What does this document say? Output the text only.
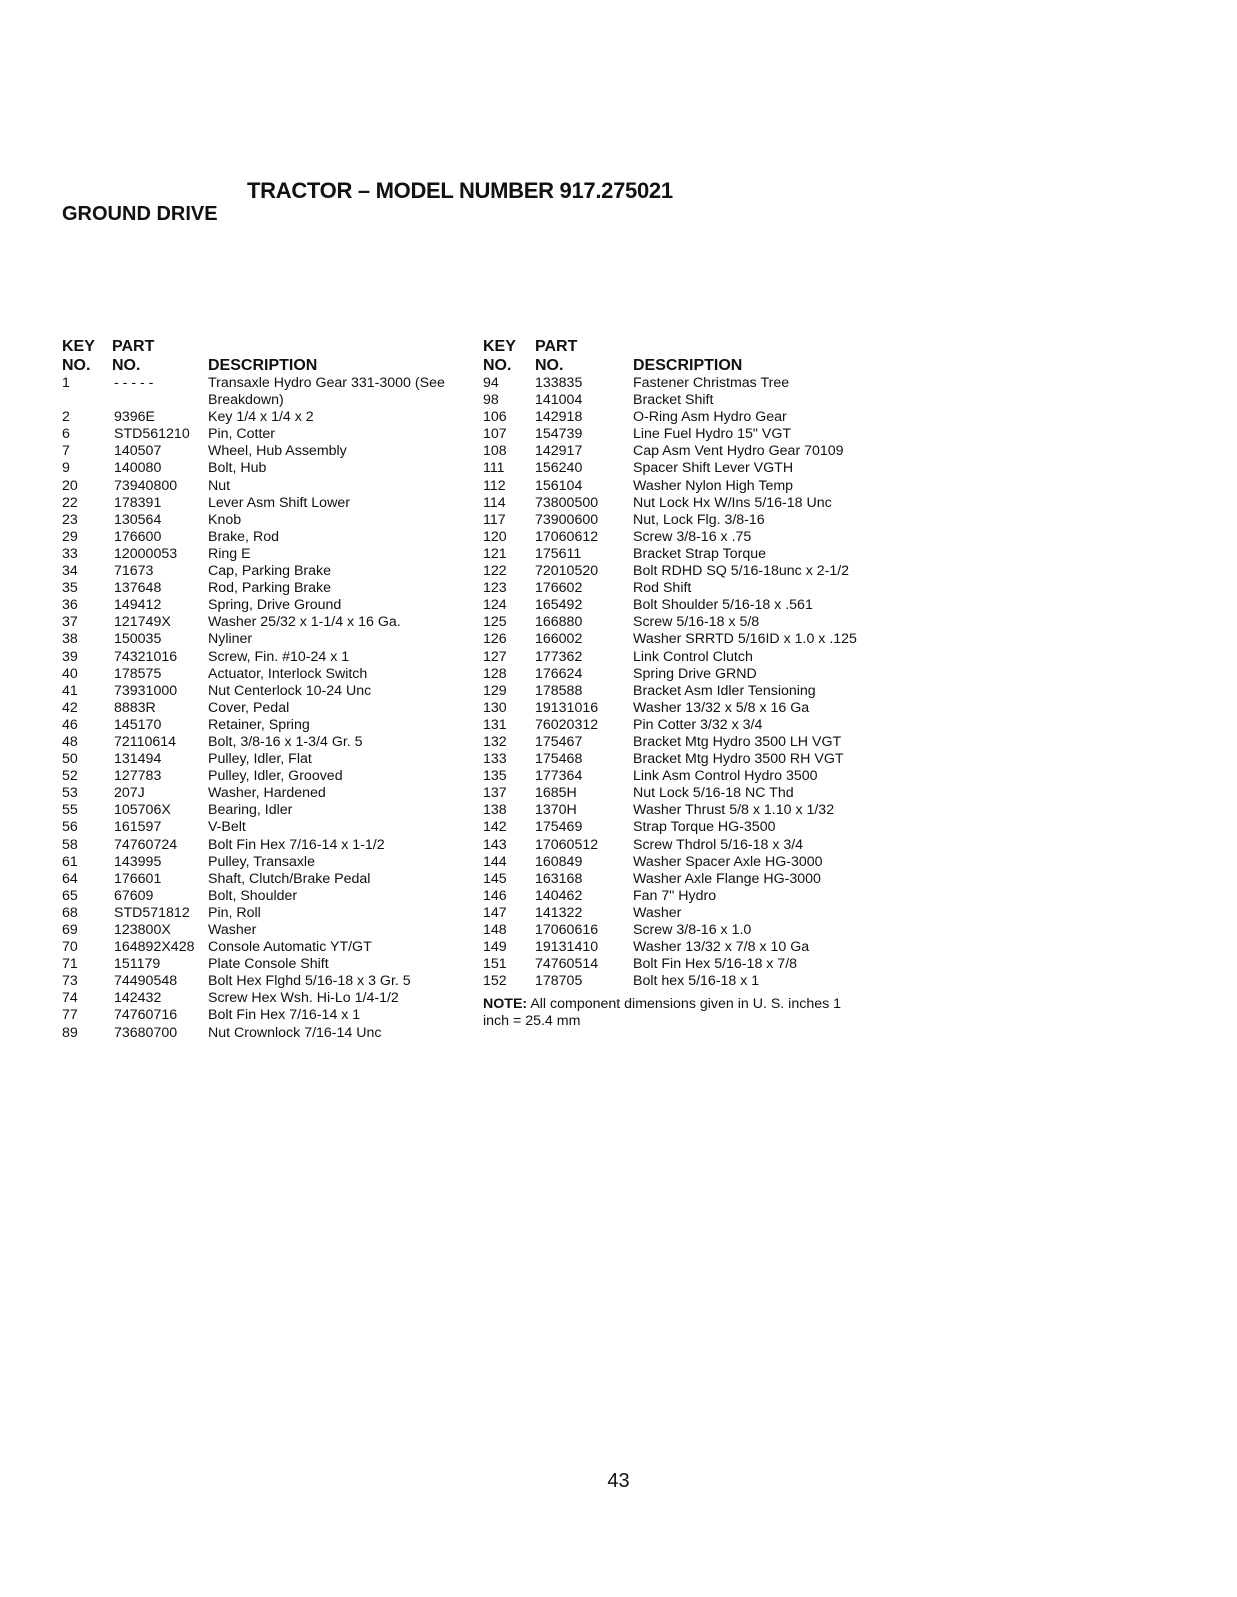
TRACTOR – MODEL NUMBER 917.275021
GROUND DRIVE
KEY
NO.
PART
NO.	DESCRIPTION
1	- - - - -	Transaxle Hydro Gear 331-3000 (See Breakdown)
2	9396E	Key 1/4 x 1/4 x 2
6	STD561210	Pin, Cotter
7	140507	Wheel, Hub Assembly
9	140080	Bolt, Hub
20	73940800	Nut
22	178391	Lever Asm Shift Lower
23	130564	Knob
29	176600	Brake, Rod
33	12000053	Ring E
34	71673	Cap, Parking Brake
35	137648	Rod, Parking Brake
36	149412	Spring, Drive Ground
37	121749X	Washer 25/32 x 1-1/4 x 16 Ga.
38	150035	Nyliner
39	74321016	Screw, Fin. #10-24 x 1
40	178575	Actuator, Interlock Switch
41	73931000	Nut Centerlock 10-24 Unc
42	8883R	Cover, Pedal
46	145170	Retainer, Spring
48	72110614	Bolt, 3/8-16 x 1-3/4 Gr. 5
50	131494	Pulley, Idler, Flat
52	127783	Pulley, Idler, Grooved
53	207J	Washer, Hardened
55	105706X	Bearing, Idler
56	161597	V-Belt
58	74760724	Bolt Fin Hex 7/16-14 x 1-1/2
61	143995	Pulley, Transaxle
64	176601	Shaft, Clutch/Brake Pedal
65	67609	Bolt, Shoulder
68	STD571812	Pin, Roll
69	123800X	Washer
70	164892X428 Console Automatic YT/GT
71	151179	Plate Console Shift
73	74490548	Bolt Hex Flghd 5/16-18 x 3 Gr. 5
74	142432	Screw Hex Wsh. Hi-Lo 1/4-1/2
77	74760716	Bolt Fin Hex 7/16-14 x 1
89	73680700	Nut Crownlock 7/16-14 Unc
KEY
NO.
PART
NO.	DESCRIPTION
94	133835	Fastener Christmas Tree
98	141004	Bracket Shift
106	142918	O-Ring Asm Hydro Gear
107	154739	Line Fuel Hydro 15" VGT
108	142917	Cap Asm Vent Hydro Gear 70109
111	156240	Spacer Shift Lever VGTH
112	156104	Washer Nylon High Temp
114	73800500	Nut Lock Hx W/Ins 5/16-18 Unc
117	73900600	Nut, Lock Flg. 3/8-16
120	17060612	Screw 3/8-16 x .75
121	175611	Bracket Strap Torque
122	72010520	Bolt RDHD SQ 5/16-18unc x 2-1/2
123	176602	Rod Shift
124	165492	Bolt Shoulder 5/16-18 x .561
125	166880	Screw 5/16-18 x 5/8
126	166002	Washer SRRTD 5/16ID x 1.0 x .125
127	177362	Link Control Clutch
128	176624	Spring Drive GRND
129	178588	Bracket Asm Idler Tensioning
130	19131016	Washer 13/32 x 5/8 x 16 Ga
131	76020312	Pin Cotter 3/32 x 3/4
132	175467	Bracket Mtg Hydro 3500 LH VGT
133	175468	Bracket Mtg Hydro 3500 RH VGT
135	177364	Link Asm Control Hydro 3500
137	1685H	Nut Lock 5/16-18 NC Thd
138	1370H	Washer Thrust 5/8 x 1.10 x 1/32
142	175469	Strap Torque HG-3500
143	17060512	Screw Thdrol 5/16-18 x 3/4
144	160849	Washer Spacer Axle HG-3000
145	163168	Washer Axle Flange HG-3000
146	140462	Fan 7" Hydro
147	141322	Washer
148	17060616	Screw 3/8-16 x 1.0
149	19131410	Washer 13/32 x 7/8 x 10 Ga
151	74760514	Bolt Fin Hex 5/16-18 x 7/8
152	178705	Bolt hex 5/16-18 x 1
NOTE: All component dimensions given in U. S. inches 1 inch = 25.4 mm
43
